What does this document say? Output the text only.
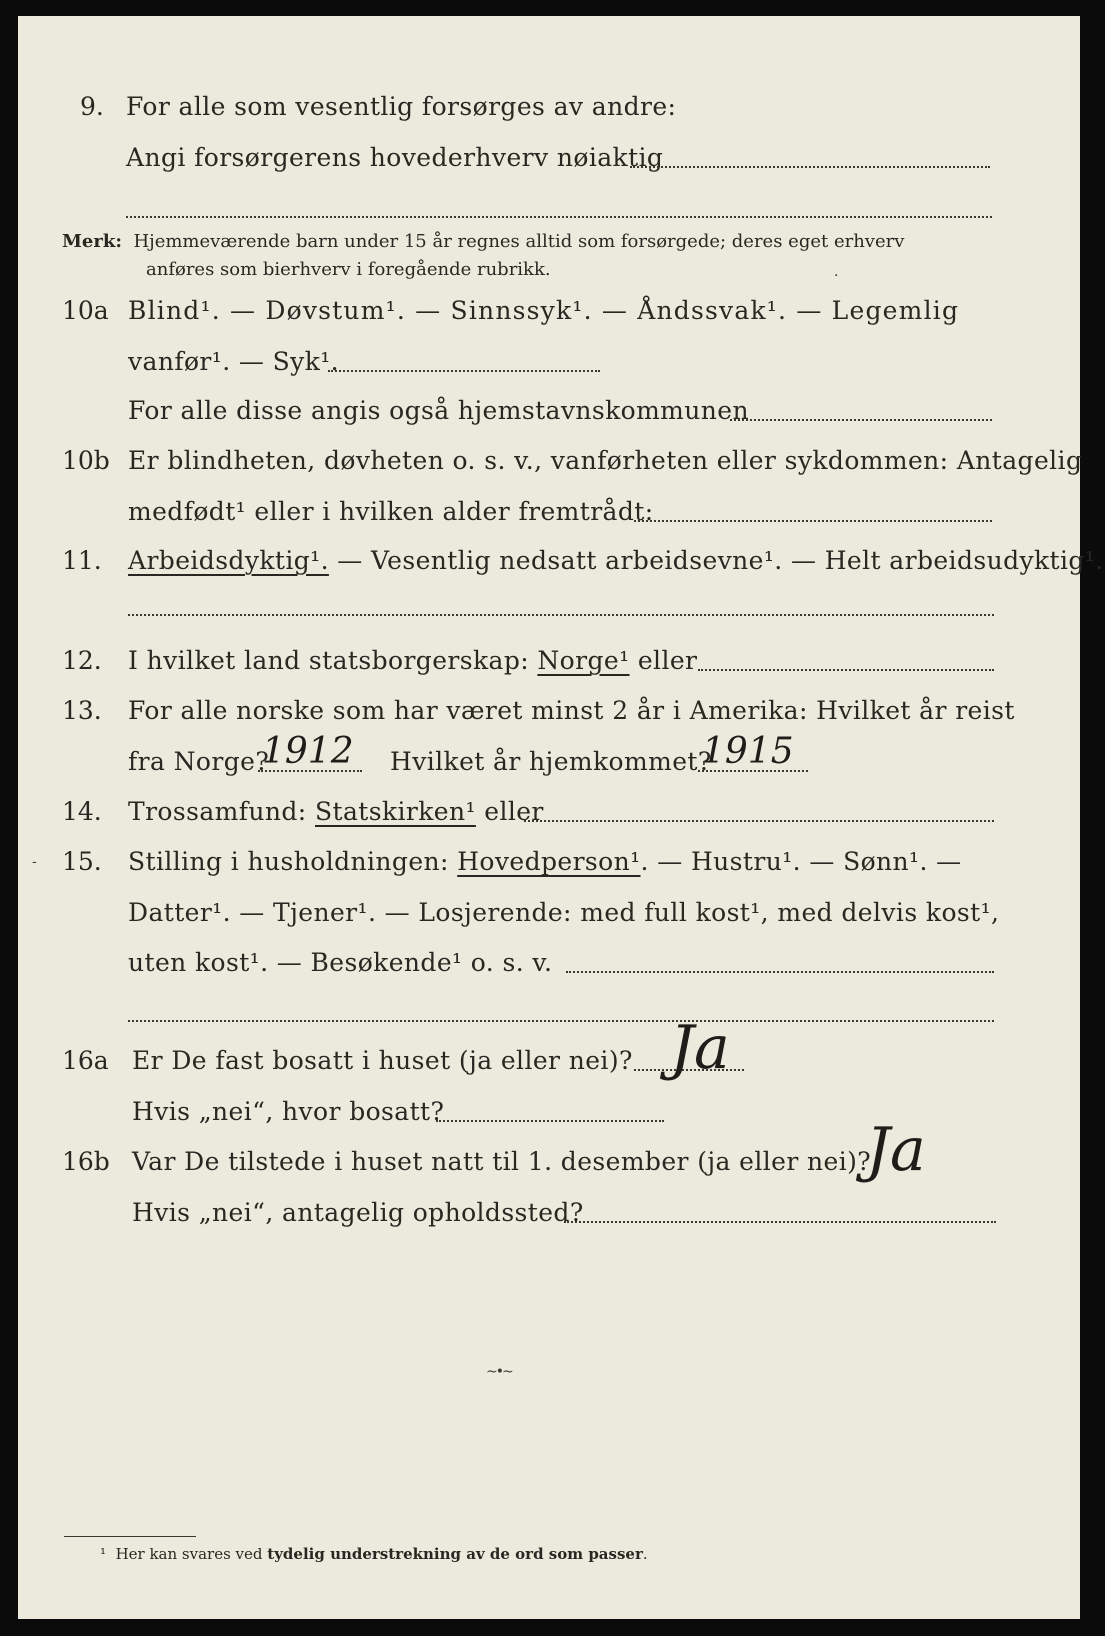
9. For alle som vesentlig forsørges av andre:
Angi forsørgerens hovederhverv nøiaktig
Merk: Hjemmeværende barn under 15 år regnes alltid som forsørgede; deres eget erhverv
anføres som bierhverv i foregående rubrikk.	·
10a Blind¹. — Døvstum¹. — Sinnssyk¹. — Åndssvak¹. — Legemlig
vanfør¹. — Syk¹.
For alle disse angis også hjemstavnskommunen
10b Er blindheten, døvheten o. s. v., vanførheten eller sykdommen: Antagelig
medfødt¹ eller i hvilken alder fremtrådt:
11. Arbeidsdyktig¹. — Vesentlig nedsatt arbeidsevne¹. — Helt arbeidsudyktig¹.
12. I hvilket land statsborgerskap: Norge¹ eller
13. For alle norske som har været minst 2 år i Amerika: Hvilket år reist
fra Norge?
1912 Hvilket år hjemkommet?
1915
14. Trossamfund: Statskirken¹ eller
- 15. Stilling i husholdningen: Hovedperson¹. — Hustru¹. — Sønn¹. —
Datter¹. — Tjener¹. — Losjerende: med full kost¹, med delvis kost¹,
uten kost¹. — Besøkende¹ o. s. v.
16a Er De fast bosatt i huset (ja eller nei)? Ja
Hvis „nei“, hvor bosatt?
16b Var De tilstede i huset natt til 1. desember (ja eller nei)?
Ja
Hvis „nei“, antagelig opholdssted?
~•~
¹ Her kan svares ved tydelig understrekning av de ord som passer.
